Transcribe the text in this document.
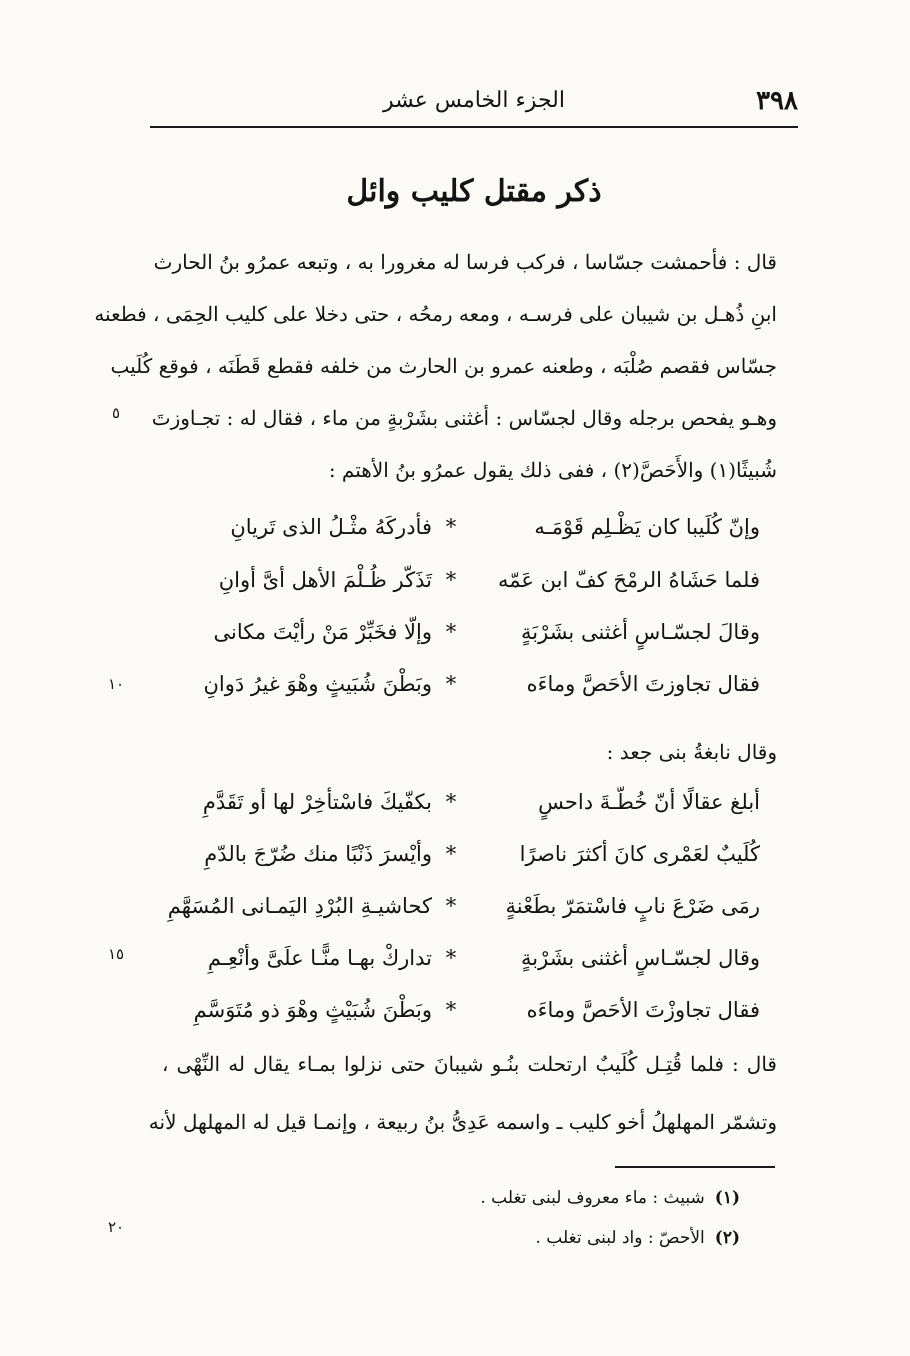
٣٩٨
الجزء الخامس عشر
ذكر مقتل كليب وائل
قال : فأحمشت جسّاسا ، فركب فرسا له مغرورا به ، وتبعه عمرُو بنُ الحارث
ابنِ ذُهـل بن شيبان على فرسـه ، ومعه رمحُه ، حتى دخلا على كليب الحِمَى ، فطعنه
جسّاس فقصم صُلْبَه ، وطعنه عمرو بن الحارث من خلفه فقطع قَطَنَه ، فوقع كُلَيب
وهـو يفحص برجله وقال لجسّاس : أغثنى بشَرْبةٍ من ماء ، فقال له : تجـاوزتَ
شُبيثًا(١) والأَحَصَّ(٢) ، ففى ذلك يقول عمرُو بنُ الأهتم :
وإنّ كُلَيبا كان يَظْـلِم قَوْمَـه
*
فأدركَهُ مثْـلُ الذى تَريانِ
فلما حَشَاهُ الرمْحَ كفّ ابن عَمّه
*
تَذَكّر ظُـلْمَ الأهل أىَّ أوانِ
وقالَ لجسّـاسٍ أغثنى بشَرْبَةٍ
*
وإلّا فخَبِّرْ مَنْ رأيْتَ مكانى
فقال تجاوزتَ الأحَصَّ وماءَه
*
وبَطْنَ شُبَيثٍ وهْوَ غيرُ دَوانِ
وقال نابغةُ بنى جعد :
أبلغ عقالًا أنّ خُطّـةَ داحسٍ
*
بكفّيكَ فاسْتأخِرْ لها أو تَقَدَّمِ
كُلَيبٌ لعَمْرى كانَ أكثرَ ناصرًا
*
وأيْسرَ ذَنْبًا منك ضُرّجَ بالدّمِ
رمَى ضَرْعَ نابٍ فاسْتمَرّ بطَعْنةٍ
*
كحاشيـةِ البُرْدِ اليَمـانى المُسَهَّمِ
وقال لجسّـاسٍ أغثنى بشَرْبةٍ
*
تداركْ بهـا منًّـا علَىَّ وأنْعِـمِ
فقال تجاوزْتَ الأحَصَّ وماءَه
*
وبَطْنَ شُبَيْثٍ وهْوَ ذو مُتَوَسَّمِ
قال : فلما قُتِـل كُلَيبٌ ارتحلت بنُـو شيبانَ حتى نزلوا بمـاء يقال له النِّهْى ،
وتشمّر المهلهلُ أخو كليب ـ واسمه عَدِىُّ بنُ ربيعة ، وإنمـا قيل له المهلهل لأنه
٥
١٠
١٥
٢٠
(١)شبيث : ماء معروف لبنى تغلب .
(٢)الأحصّ : واد لبنى تغلب .
